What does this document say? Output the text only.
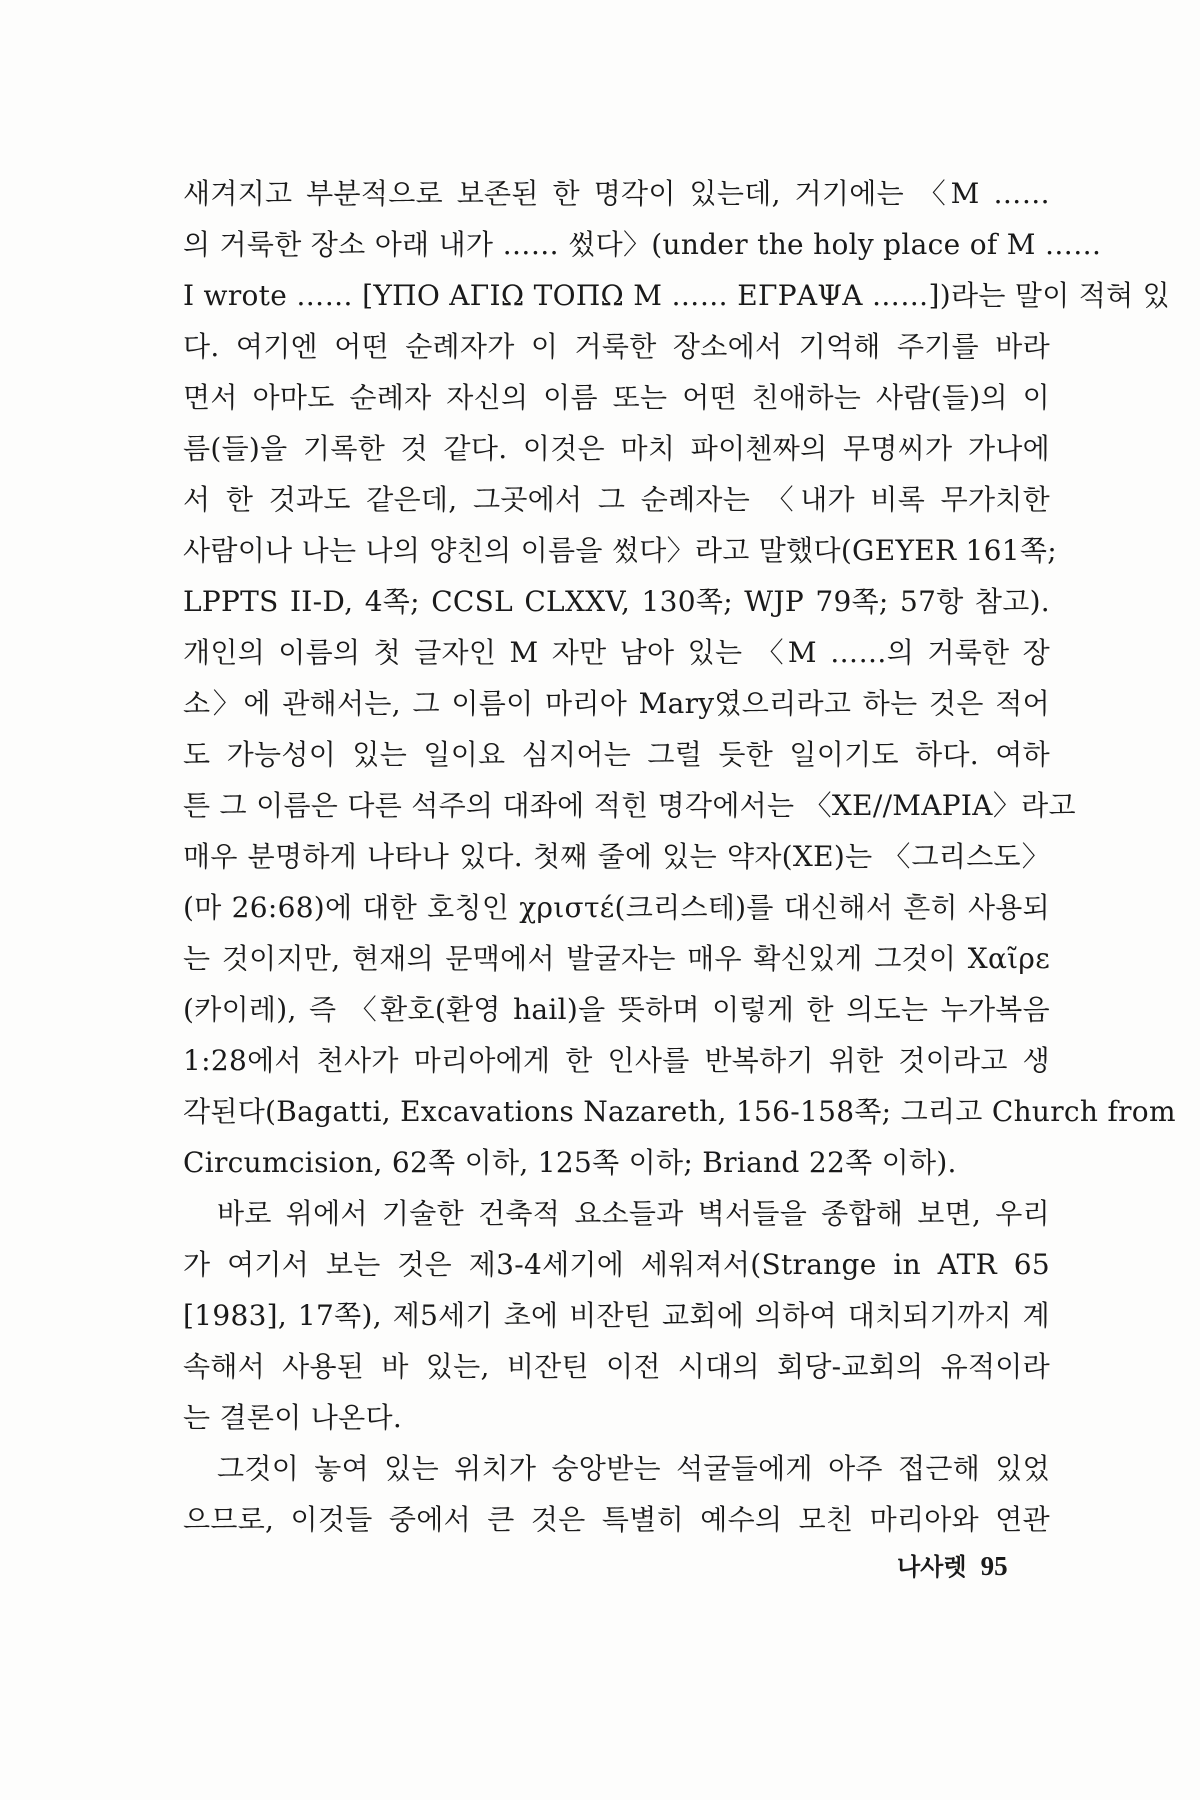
새겨지고 부분적으로 보존된 한 명각이 있는데, 거기에는 〈M ……
의 거룩한 장소 아래 내가 …… 썼다〉(under the holy place of M ……
I wrote …… [ΥΠΟ ΑΓΙΩ ΤΟΠΩ Μ …… ΕΓΡΑΨΑ ……])라는 말이 적혀 있
다. 여기엔 어떤 순례자가 이 거룩한 장소에서 기억해 주기를 바라
면서 아마도 순례자 자신의 이름 또는 어떤 친애하는 사람(들)의 이
름(들)을 기록한 것 같다. 이것은 마치 파이첸짜의 무명씨가 가나에
서 한 것과도 같은데, 그곳에서 그 순례자는 〈내가 비록 무가치한
사람이나 나는 나의 양친의 이름을 썼다〉라고 말했다(GEYER 161쪽;
LPPTS II-D, 4쪽; CCSL CLXXV, 130쪽; WJP 79쪽; 57항 참고).
개인의 이름의 첫 글자인 M 자만 남아 있는 〈M ……의 거룩한 장
소〉에 관해서는, 그 이름이 마리아 Mary였으리라고 하는 것은 적어
도 가능성이 있는 일이요 심지어는 그럴 듯한 일이기도 하다. 여하
튼 그 이름은 다른 석주의 대좌에 적힌 명각에서는 〈XE//MAPIA〉라고
매우 분명하게 나타나 있다. 첫째 줄에 있는 약자(XE)는 〈그리스도〉
(마 26:68)에 대한 호칭인 χριστέ(크리스테)를 대신해서 흔히 사용되
는 것이지만, 현재의 문맥에서 발굴자는 매우 확신있게 그것이 Χαῖρε
(카이레), 즉 〈환호(환영 hail)을 뜻하며 이렇게 한 의도는 누가복음
1:28에서 천사가 마리아에게 한 인사를 반복하기 위한 것이라고 생
각된다(Bagatti, Excavations Nazareth, 156-158쪽; 그리고 Church from
Circumcision, 62쪽 이하, 125쪽 이하; Briand 22쪽 이하).
바로 위에서 기술한 건축적 요소들과 벽서들을 종합해 보면, 우리
가 여기서 보는 것은 제3-4세기에 세워져서(Strange in ATR 65
[1983], 17쪽), 제5세기 초에 비잔틴 교회에 의하여 대치되기까지 계
속해서 사용된 바 있는, 비잔틴 이전 시대의 회당-교회의 유적이라
는 결론이 나온다.
그것이 놓여 있는 위치가 숭앙받는 석굴들에게 아주 접근해 있었
으므로, 이것들 중에서 큰 것은 특별히 예수의 모친 마리아와 연관
나사렛 95
